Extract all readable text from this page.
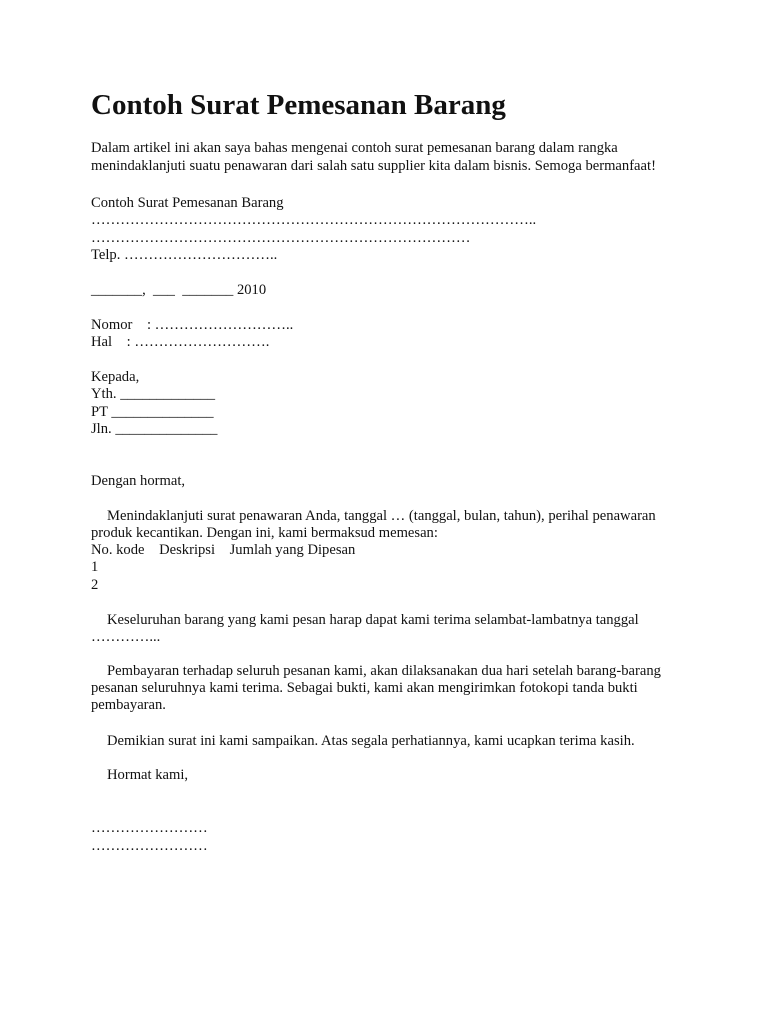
Contoh Surat Pemesanan Barang
Dalam artikel ini akan saya bahas mengenai contoh surat pemesanan barang dalam rangka
menindaklanjuti suatu penawaran dari salah satu supplier kita dalam bisnis. Semoga bermanfaat!
Contoh Surat Pemesanan Barang
………………………………………………………………………………..
……………………………………………………………………
Telp. …………………………..
_______,  ___  _______ 2010
Nomor    : ………………………..
Hal    : ……………………….
Kepada,
Yth. _____________
PT ______________
Jln. ______________
Dengan hormat,
Menindaklanjuti surat penawaran Anda, tanggal … (tanggal, bulan, tahun), perihal penawaran
produk kecantikan. Dengan ini, kami bermaksud memesan:
No. kode    Deskripsi    Jumlah yang Dipesan
1
2
Keseluruhan barang yang kami pesan harap dapat kami terima selambat-lambatnya tanggal
…………...
Pembayaran terhadap seluruh pesanan kami, akan dilaksanakan dua hari setelah barang-barang
pesanan seluruhnya kami terima. Sebagai bukti, kami akan mengirimkan fotokopi tanda bukti
pembayaran.
Demikian surat ini kami sampaikan. Atas segala perhatiannya, kami ucapkan terima kasih.
Hormat kami,
……………………
……………………
